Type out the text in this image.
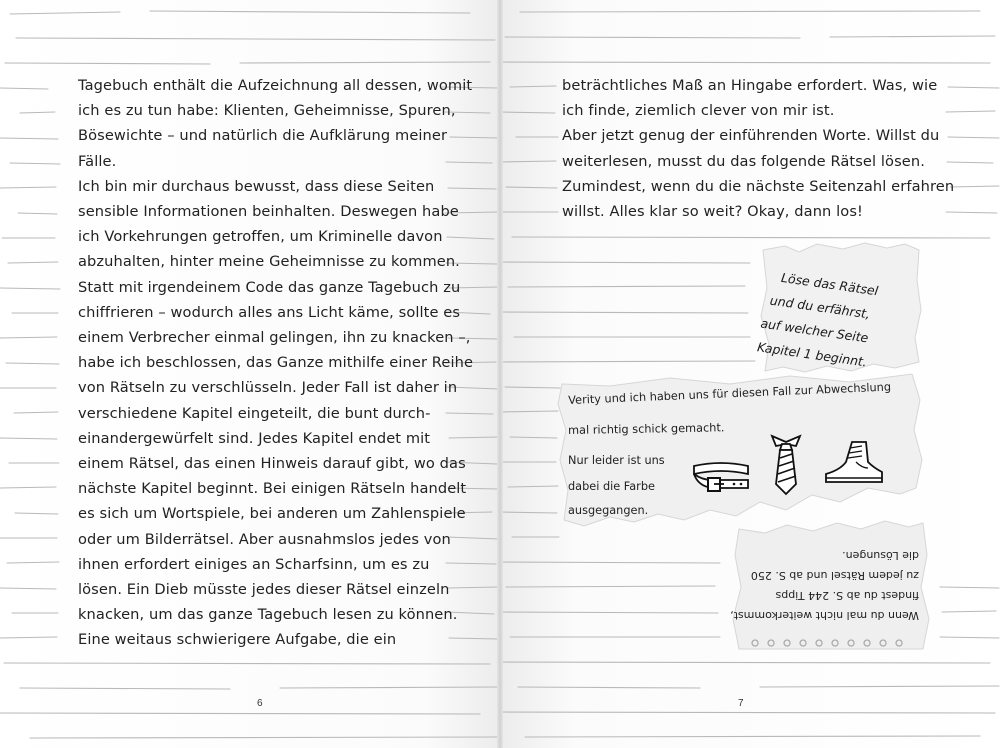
Tagebuch enthält die Aufzeichnung all dessen, womit
ich es zu tun habe: Klienten, Geheimnisse, Spuren,
Bösewichte – und natürlich die Aufklärung meiner
Fälle.
Ich bin mir durchaus bewusst, dass diese Seiten
sensible Informationen beinhalten. Deswegen habe
ich Vorkehrungen getroffen, um Kriminelle davon
abzuhalten, hinter meine Geheimnisse zu kommen.
Statt mit irgendeinem Code das ganze Tagebuch zu
chiffrieren – wodurch alles ans Licht käme, sollte es
einem Verbrecher einmal gelingen, ihn zu knacken –,
habe ich beschlossen, das Ganze mithilfe einer Reihe
von Rätseln zu verschlüsseln. Jeder Fall ist daher in
verschiedene Kapitel eingeteilt, die bunt durch-
einandergewürfelt sind. Jedes Kapitel endet mit
einem Rätsel, das einen Hinweis darauf gibt, wo das
nächste Kapitel beginnt. Bei einigen Rätseln handelt
es sich um Wortspiele, bei anderen um Zahlenspiele
oder um Bilderrätsel. Aber ausnahmslos jedes von
ihnen erfordert einiges an Scharfsinn, um es zu
lösen. Ein Dieb müsste jedes dieser Rätsel einzeln
knacken, um das ganze Tagebuch lesen zu können.
Eine weitaus schwierigere Aufgabe, die ein
6
beträchtliches Maß an Hingabe erfordert. Was, wie
ich finde, ziemlich clever von mir ist.
Aber jetzt genug der einführenden Worte. Willst du
weiterlesen, musst du das folgende Rätsel lösen.
Zumindest, wenn du die nächste Seitenzahl erfahren
willst. Alles klar so weit? Okay, dann los!
Löse das Rätsel
und du erfährst,
auf welcher Seite
Kapitel 1 beginnt.
Verity und ich haben uns für diesen Fall zur Abwechslung
mal richtig schick gemacht.
Nur leider ist uns
dabei die Farbe
ausgegangen.
Wenn du mal nicht weiterkommst,
findest du ab S. 244 Tipps
zu jedem Rätsel und ab S. 250
die Lösungen.
7
